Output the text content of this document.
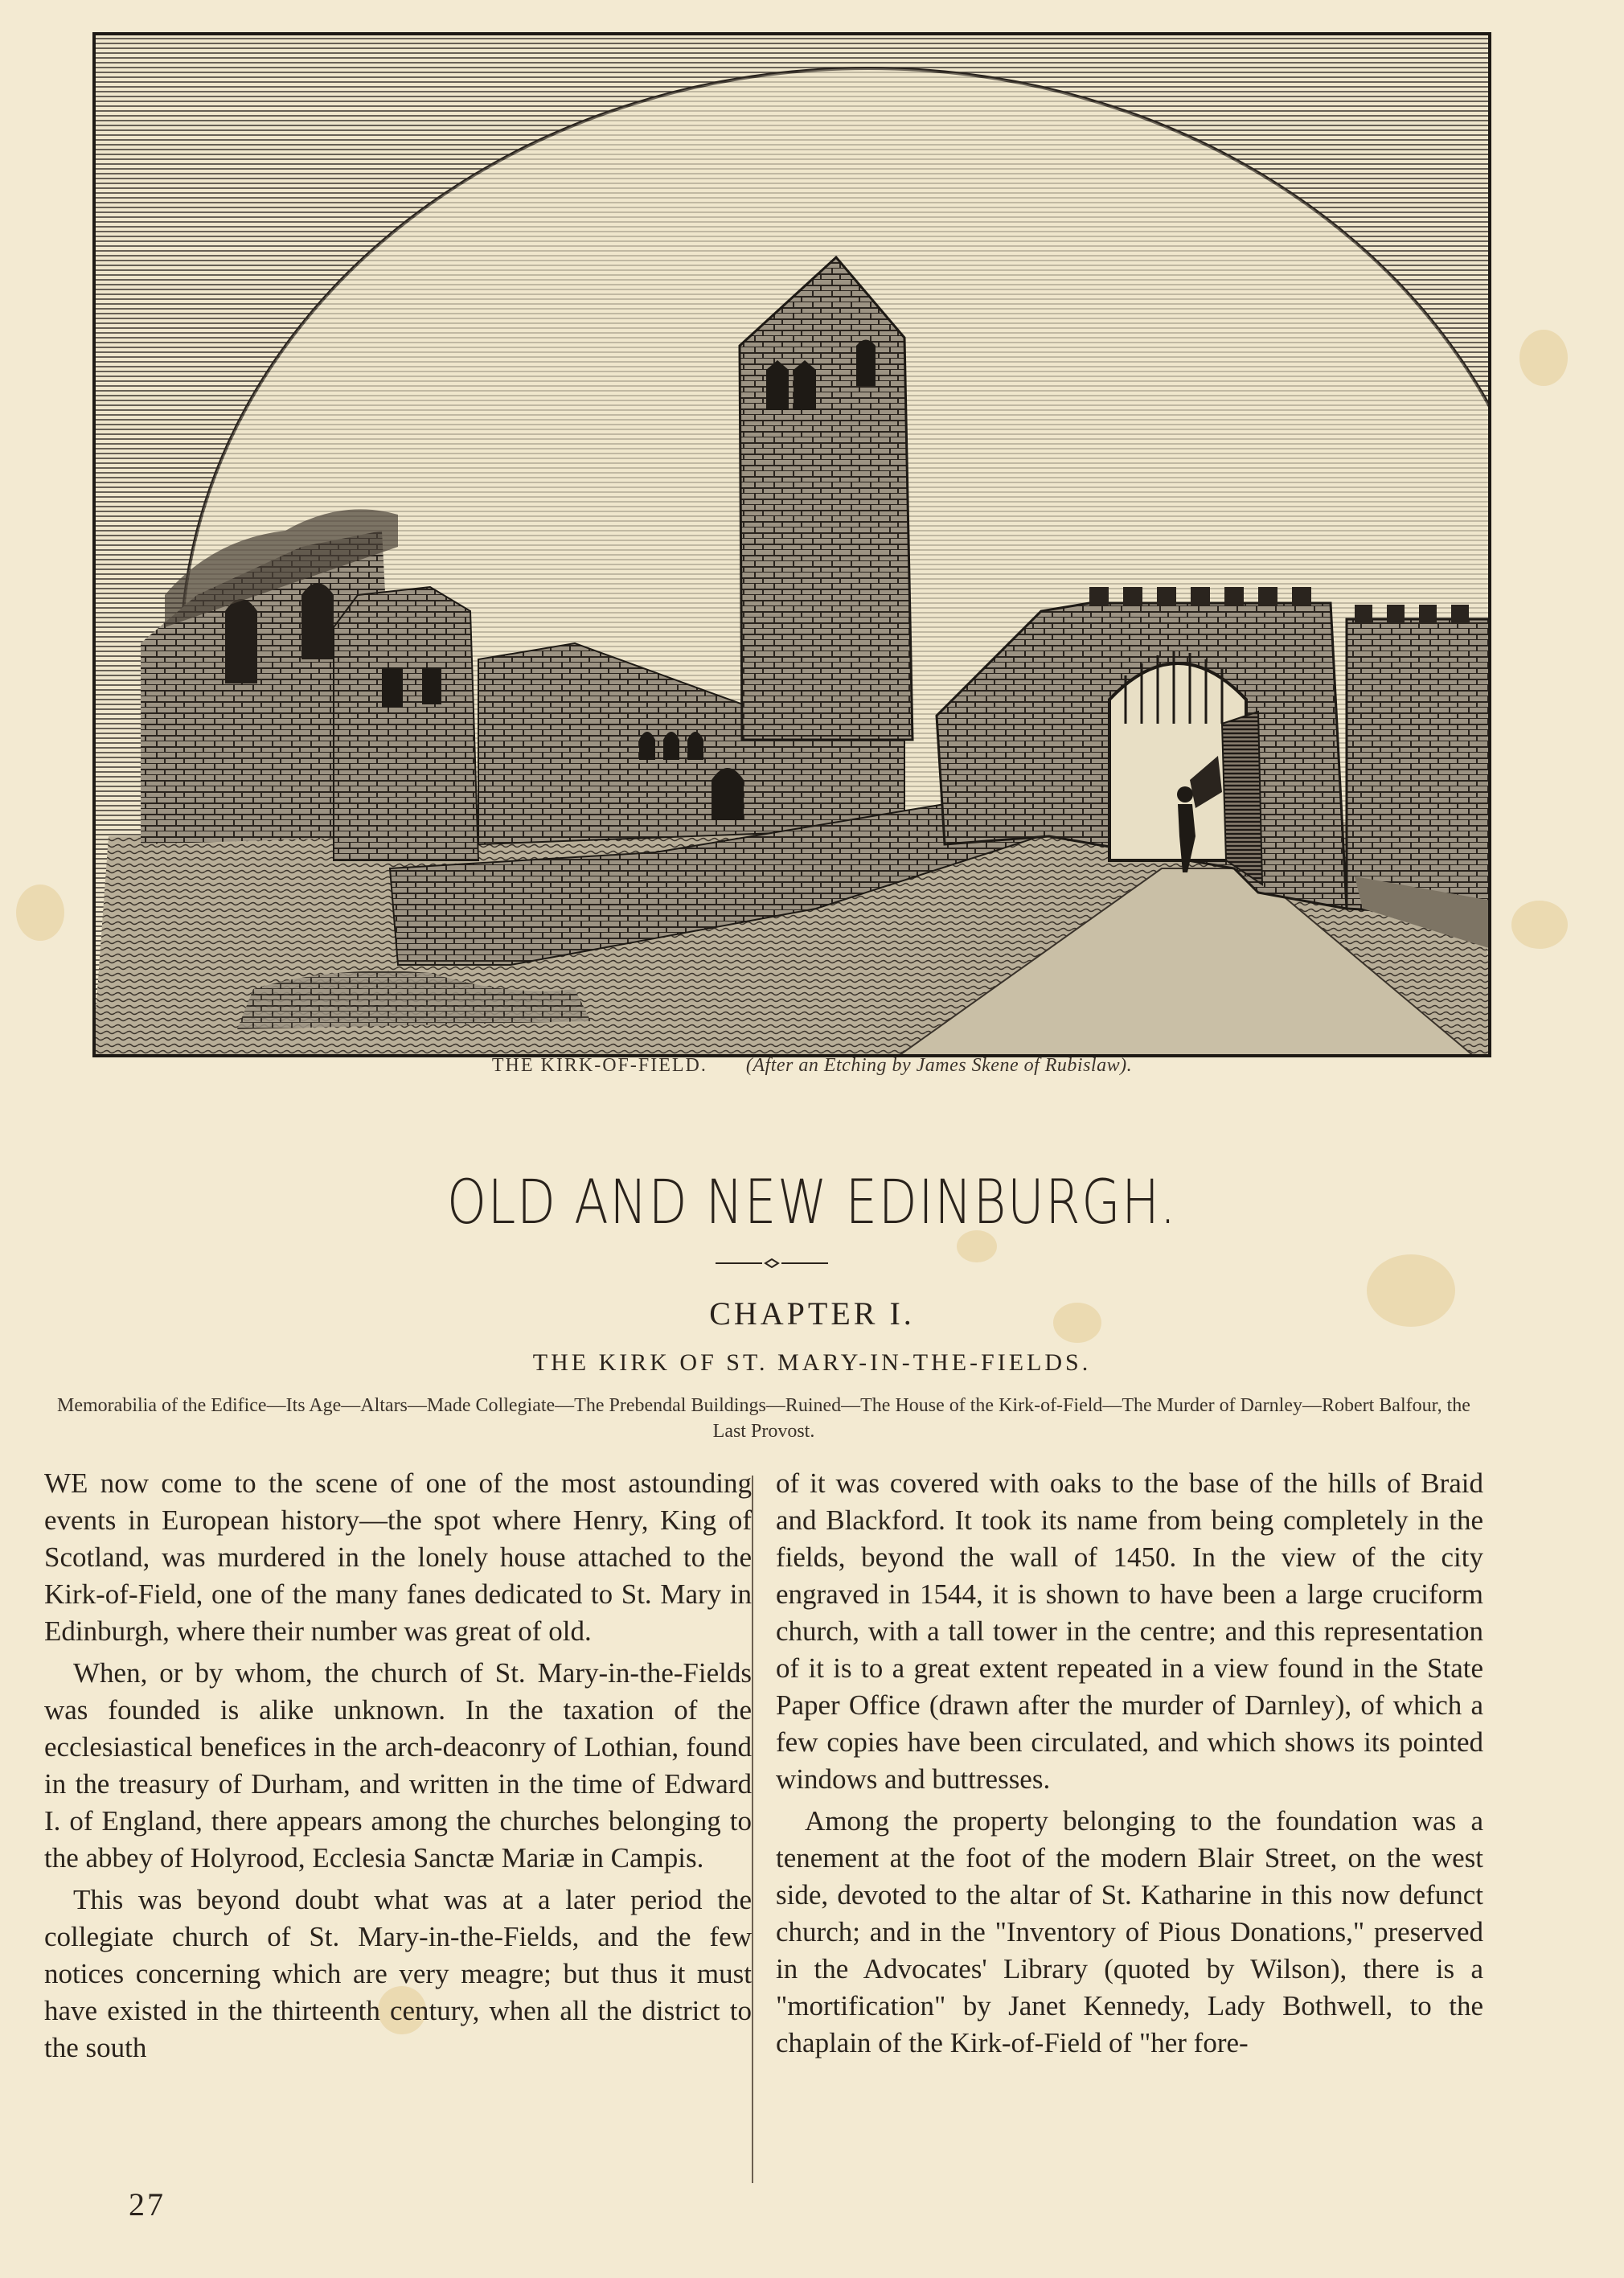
THE KIRK-OF-FIELD. (After an Etching by James Skene of Rubislaw).
OLD AND NEW EDINBURGH.
CHAPTER I.
THE KIRK OF ST. MARY-IN-THE-FIELDS.
Memorabilia of the Edifice—Its Age—Altars—Made Collegiate—The Prebendal Buildings—Ruined—The House of the Kirk-of-Field—The Murder of Darnley—Robert Balfour, the Last Provost.

WE now come to the scene of one of the most astounding events in European history—the spot where Henry, King of Scotland, was murdered in the lonely house attached to the Kirk-of-Field, one of the many fanes dedicated to St. Mary in Edinburgh, where their number was great of old.

When, or by whom, the church of St. Mary-in-the-Fields was founded is alike unknown. In the taxation of the ecclesiastical benefices in the arch-deaconry of Lothian, found in the treasury of Durham, and written in the time of Edward I. of England, there appears among the churches belonging to the abbey of Holyrood, Ecclesia Sanctæ Mariæ in Campis.

This was beyond doubt what was at a later period the collegiate church of St. Mary-in-the-Fields, and the few notices concerning which are very meagre; but thus it must have existed in the thirteenth century, when all the district to the south

of it was covered with oaks to the base of the hills of Braid and Blackford. It took its name from being completely in the fields, beyond the wall of 1450. In the view of the city engraved in 1544, it is shown to have been a large cruciform church, with a tall tower in the centre; and this representation of it is to a great extent repeated in a view found in the State Paper Office (drawn after the murder of Darnley), of which a few copies have been circulated, and which shows its pointed windows and buttresses.

Among the property belonging to the foundation was a tenement at the foot of the modern Blair Street, on the west side, devoted to the altar of St. Katharine in this now defunct church; and in the "Inventory of Pious Donations," preserved in the Advocates' Library (quoted by Wilson), there is a "mortification" by Janet Kennedy, Lady Bothwell, to the chaplain of the Kirk-of-Field of "her fore-

27
